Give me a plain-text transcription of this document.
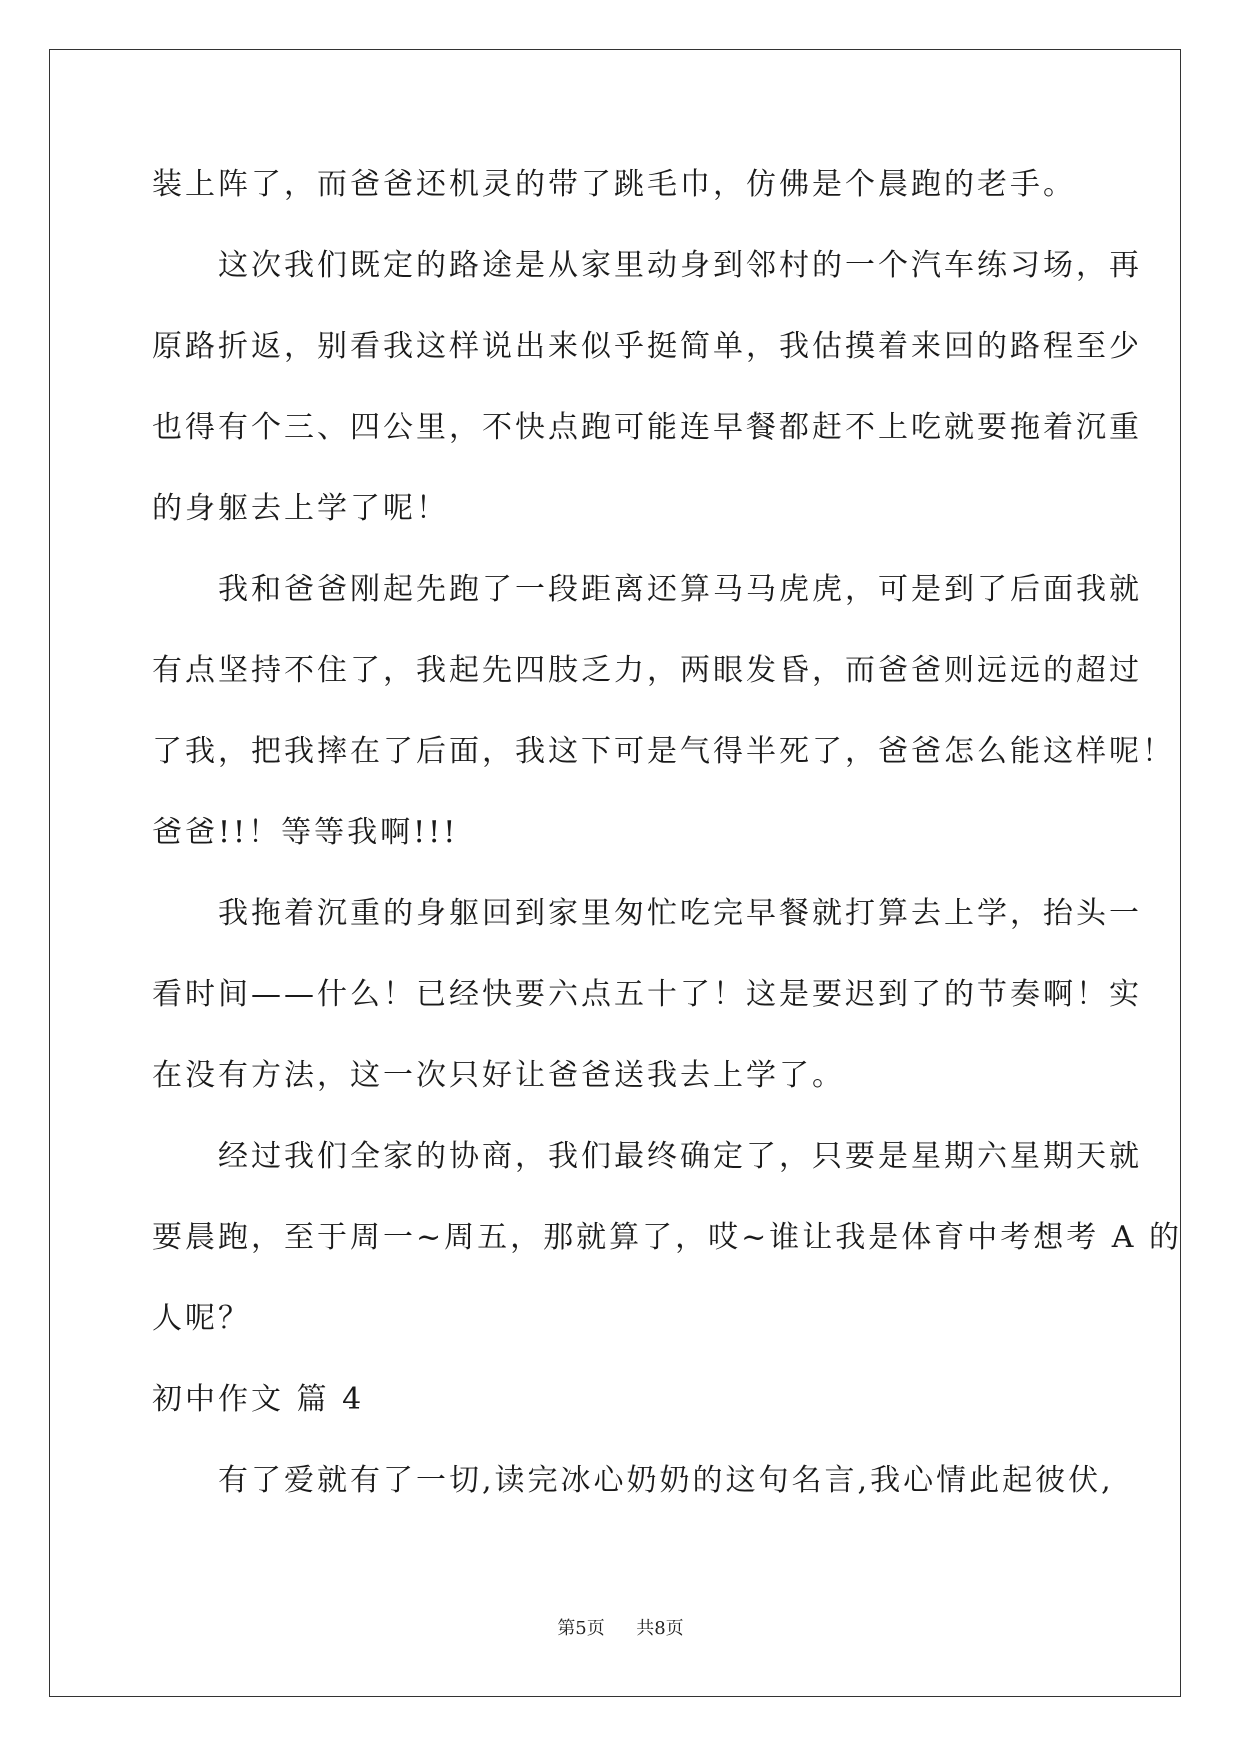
装上阵了，而爸爸还机灵的带了跳毛巾，仿佛是个晨跑的老手。
　　这次我们既定的路途是从家里动身到邻村的一个汽车练习场，再
原路折返，别看我这样说出来似乎挺简单，我估摸着来回的路程至少
也得有个三、四公里，不快点跑可能连早餐都赶不上吃就要拖着沉重
的身躯去上学了呢！
　　我和爸爸刚起先跑了一段距离还算马马虎虎，可是到了后面我就
有点坚持不住了，我起先四肢乏力，两眼发昏，而爸爸则远远的超过
了我，把我摔在了后面，我这下可是气得半死了，爸爸怎么能这样呢！
爸爸!!！等等我啊!!!
　　我拖着沉重的身躯回到家里匆忙吃完早餐就打算去上学，抬头一
看时间——什么！已经快要六点五十了！这是要迟到了的节奏啊！实
在没有方法，这一次只好让爸爸送我去上学了。
　　经过我们全家的协商，我们最终确定了，只要是星期六星期天就
要晨跑，至于周一~周五，那就算了，哎~谁让我是体育中考想考 A 的
人呢？
初中作文 篇 4
　　有了爱就有了一切,读完冰心奶奶的这句名言,我心情此起彼伏,
第5页 共8页
